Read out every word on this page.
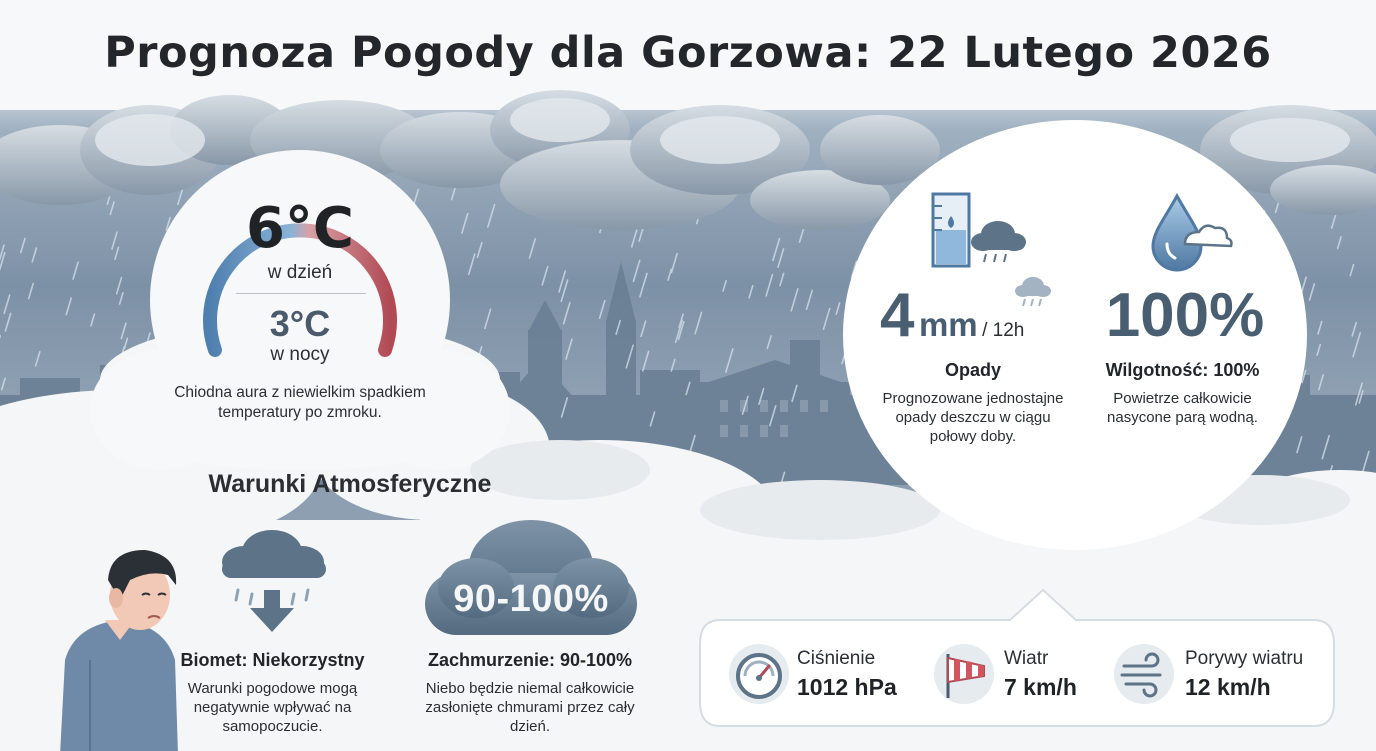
Prognoza Pogody dla Gorzowa: 22 Lutego 2026
6°C
w dzień
3°C
w nocy
Chiodna aura z niewielkim spadkiem temperatury po zmroku.
Warunki Atmosferyczne
Biomet: Niekorzystny
Warunki pogodowe mogą negatywnie wpływać na samopoczucie.
90-100%
Zachmurzenie: 90-100%
Niebo będzie niemal całkowicie zasłonięte chmurami przez cały dzień.
4 mm / 12h
Opady
Prognozowane jednostajne opady deszczu w ciągu połowy doby.
100%
Wilgotność: 100%
Powietrze całkowicie nasycone parą wodną.
Ciśnienie
1012 hPa
Wiatr
7 km/h
Porywy wiatru
12 km/h
